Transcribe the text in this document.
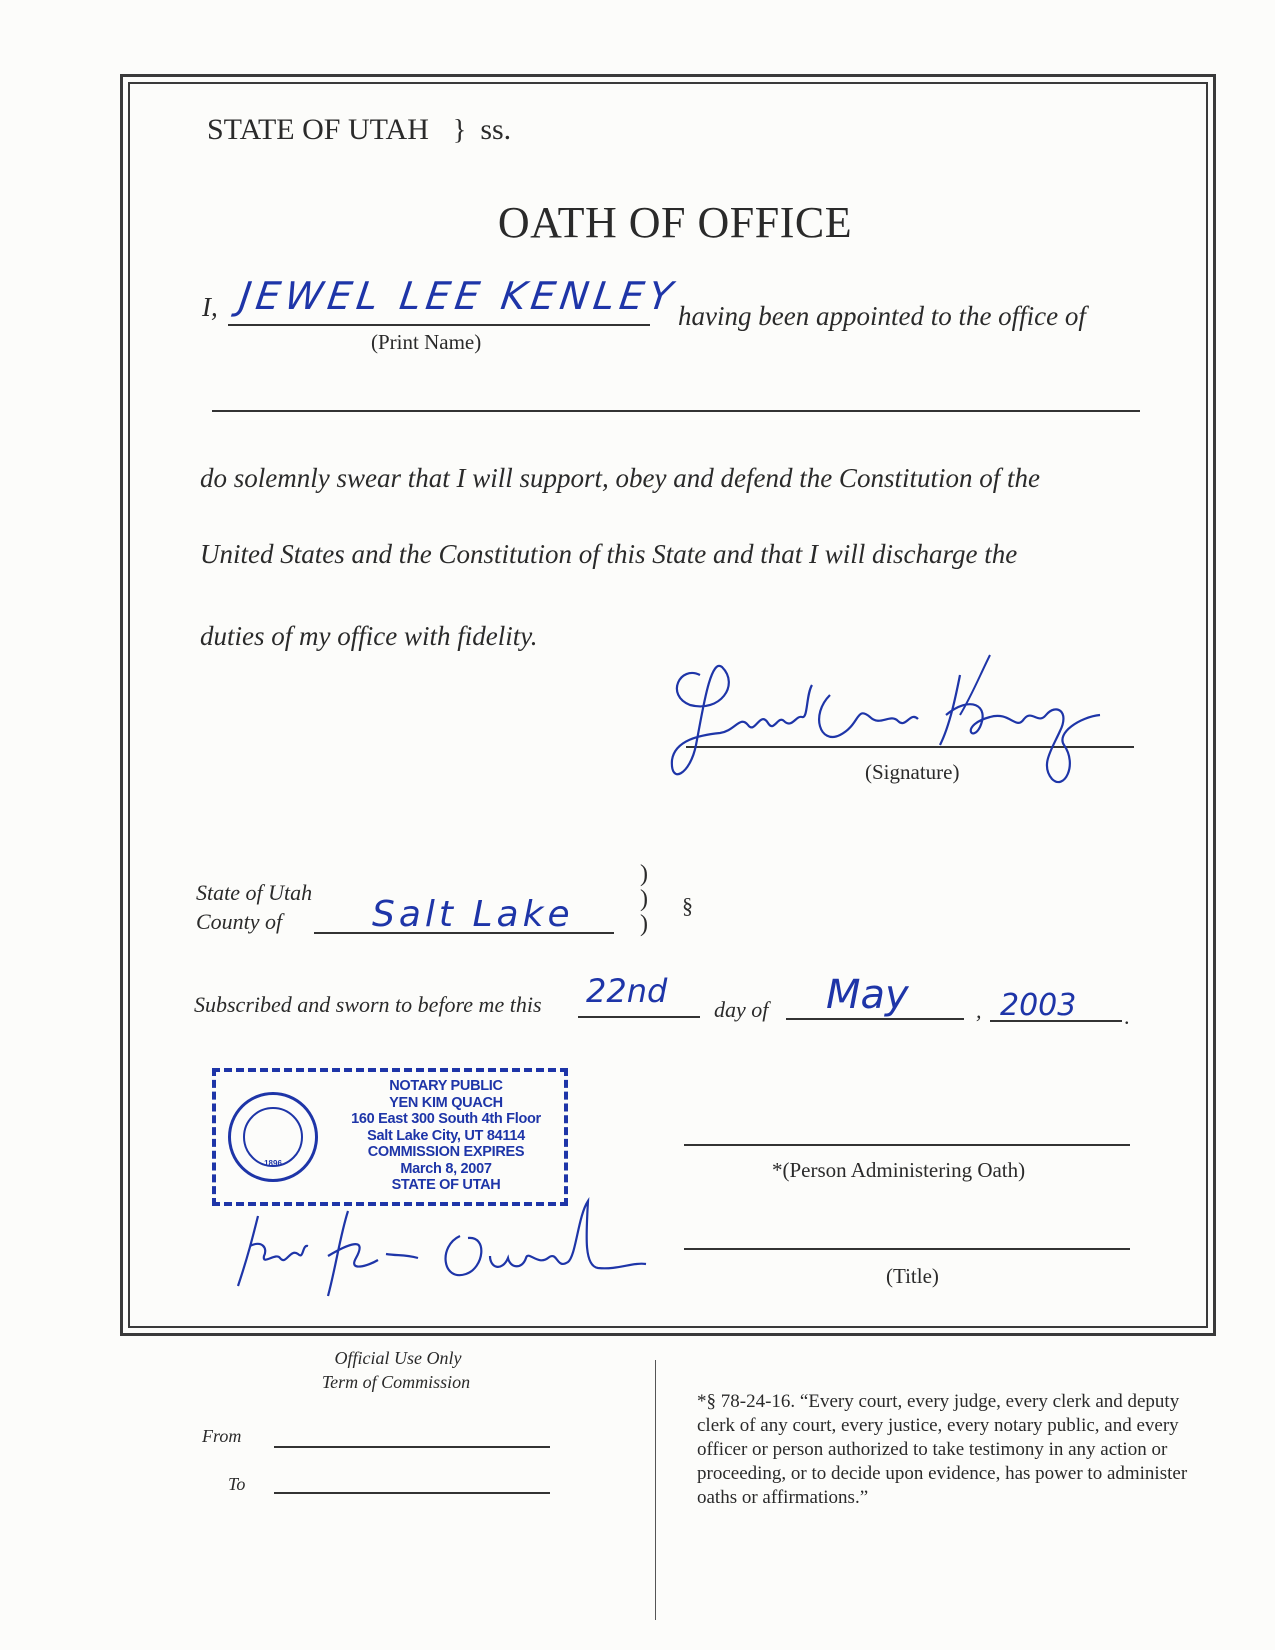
STATE OF UTAH } ss.
OATH OF OFFICE
I, JEWEL LEE KENLEY
(Print Name)
having been appointed to the office of
do solemnly swear that I will support, obey and defend the Constitution of the
United States and the Constitution of this State and that I will discharge the
duties of my office with fidelity.
(Signature)
State of Utah
County of Salt Lake
)
)
)
§
Subscribed and sworn to before me this 22nd day of May	, 2003 .
1896
NOTARY PUBLIC
YEN KIM QUACH
160 East 300 South 4th Floor
Salt Lake City, UT 84114
COMMISSION EXPIRES
March 8, 2007
STATE OF UTAH
*(Person Administering Oath)
(Title)
Official Use Only
Term of Commission
From
To
*§ 78-24-16. “Every court, every judge, every clerk and deputy clerk of any court, every justice, every notary public, and every officer or person authorized to take testimony in any action or proceeding, or to decide upon evidence, has power to administer oaths or affirmations.”
